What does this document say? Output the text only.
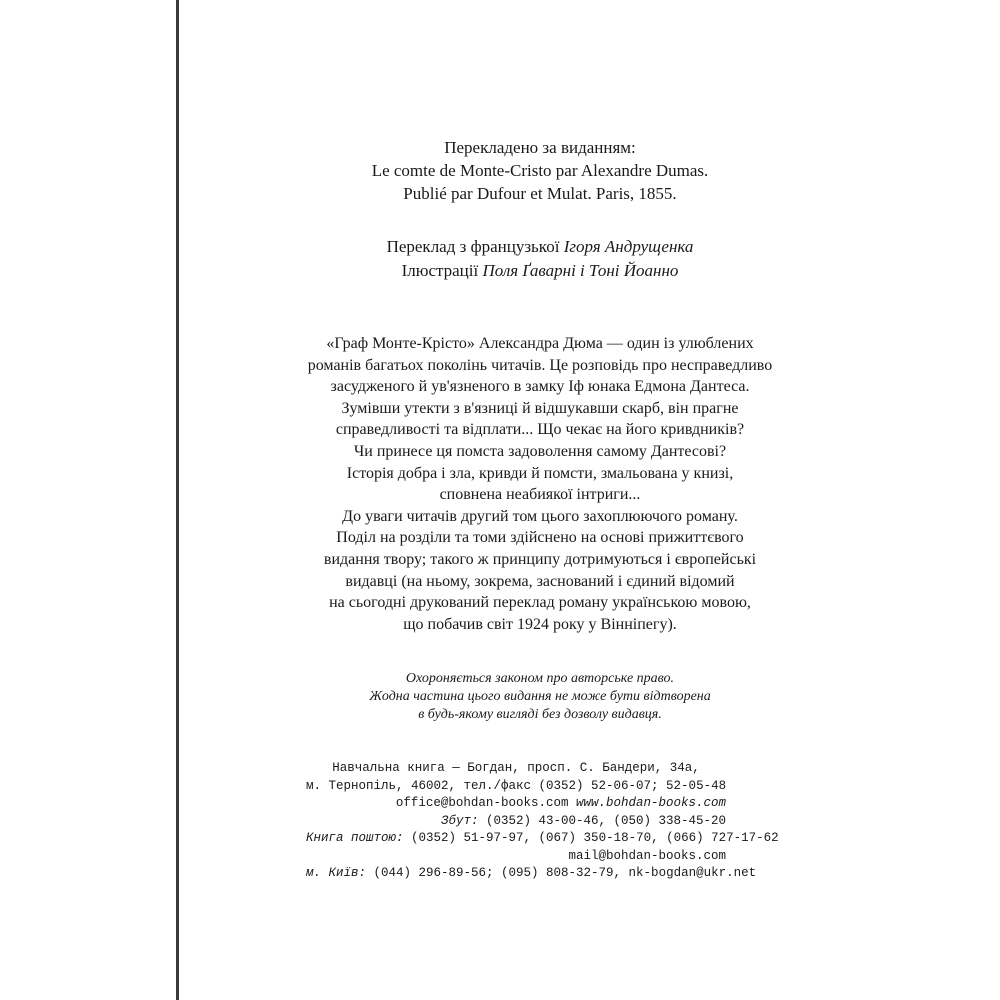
Перекладено за виданням:
Le comte de Monte-Cristo par Alexandre Dumas.
Publié par Dufour et Mulat. Paris, 1855.
Переклад з французької Ігоря Андрущенка
Ілюстрації Поля Ґаварні і Тоні Йоанно
«Граф Монте-Крісто» Александра Дюма — один із улюблених
романів багатьох поколінь читачів. Це розповідь про несправедливо
засудженого й ув'язненого в замку Іф юнака Едмона Дантеса.
Зумівши утекти з в'язниці й відшукавши скарб, він прагне
справедливості та відплати... Що чекає на його кривдників?
Чи принесе ця помста задоволення самому Дантесові?
Історія добра і зла, кривди й помсти, змальована у книзі,
сповнена неабиякої інтриги...
До уваги читачів другий том цього захоплюючого роману.
Поділ на розділи та томи здійснено на основі прижиттєвого
видання твору; такого ж принципу дотримуються і європейські
видавці (на ньому, зокрема, заснований і єдиний відомий
на сьогодні друкований переклад роману українською мовою,
що побачив світ 1924 року у Вінніпегу).
Охороняється законом про авторське право.
Жодна частина цього видання не може бути відтворена
в будь-якому вигляді без дозволу видавця.
Навчальна книга — Богдан, просп. С. Бандери, 34а,
м. Тернопіль, 46002, тел./факс (0352) 52-06-07; 52-05-48
office@bohdan-books.com www.bohdan-books.com
Збут: (0352) 43-00-46, (050) 338-45-20
Книга поштою: (0352) 51-97-97, (067) 350-18-70, (066) 727-17-62
mail@bohdan-books.com
м. Київ: (044) 296-89-56; (095) 808-32-79, nk-bogdan@ukr.net
